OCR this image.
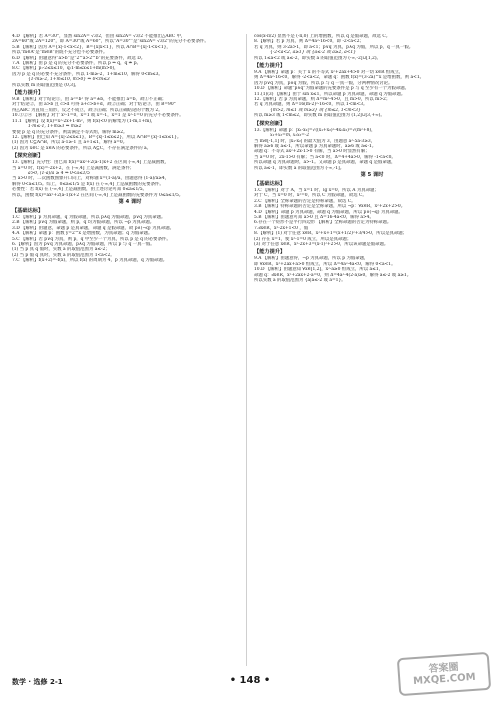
4.D 【解析】若 A=30°，显然 sin2A= √3/2，但由 sin2A= √3/2 不能推出△ABC 中，
2A=60°或 2A=120°，即 A=30°或 A=60°，所以“A=30°”是“sin2A= √3/2”的充分不必要条件。
5.B 【解析】因为 A={x|-1<x<2}，B={x|x<1}，所以 A∩B={x|-1<x<1}，
所以“m∈A”是“m∈B”的既不充分也不必要条件。
6.D 【解析】由题意得“a>b”是“2^a>2^b”的充要条件，故选 D。
7.A 【解析】由 p 是 q 的充分不必要条件，所以 p ⇒ q，q ⇏ p。
8.C 【解析】p:-2≤x≤10，q:1-m≤x≤1+m(m>0)，
因为 p 是 q 的必要不充分条件，所以 1-m≥-2，1+m≤10，解得 0<m≤3。
{1-m≥-2, 1+m≤10, m>0} ⇒ 0<m≤3
所以实数 m 的取值范围是 (0,3]。
【能力提升】
9.B 【解析】对于结论①，由 a²=b² 得 a=±b，不能推出 a=b，故①不正确；
对于结论②，由 a>b 且 c>d 可得 a+c>b+d，故②正确；对于结论③，由 B=90°
得△ABC 为直角三角形，反之不成立，故③正确；所以正确结论的个数为 2。
10.①②④ 【解析】对于 x²-1=0，x=1 或 x=-1，x=1 是 x²-1=0 的充分不必要条件。
11.1 【解析】设 f(x)=x²-2x+1-m²，则 f(x)<0 的解集为 (1-m,1+m)，
1-m≤-1, 1+m≥3 ⇒ m≥2
要使 p 是 q 的充分条件，则需满足不等式组，解得 m≥2。
12.【解析】由已知 A={x|-2≤x≤1}，B={x|-1≤x≤2}，所以 A∩B={x|-1≤x≤1}。
(1) 因为 C⊆A∩B，所以 a-1≥-1 且 a+1≤1，解得 a=0。
(2) 因为 x∈C 是 x∈A 的必要条件，所以 A⊆C，不存在满足条件的 a。
【探究创新】
13.【解析】充分性：由已知 f(x)=ax²+2(a-1)x+2 在区间 (-∞,4] 上是减函数，
当 a=0 时，f(x)=-2x+2，在 (-∞,4] 上是减函数，满足条件；
a>0, (1-a)/a ≥ 4 ⇒ 0<a≤1/5
当 a>0 时，二次函数图象开口向上，对称轴 x=(1-a)/a，由题意得 (1-a)/a≥4，
解得 0<a≤1/5。综上，0≤a≤1/5 是 f(x) 在 (-∞,4] 上是减函数的充要条件。
必要性：若 f(x) 在 (-∞,4] 上是减函数，由上述讨论可知 0≤a≤1/5。
所以，函数 f(x)=ax²+2(a-1)x+2 在区间 (-∞,4] 上是减函数的充要条件为 0≤a≤1/5。
第 4 课时
【基础达标】
1.C 【解析】p 为真命题，q 为假命题，所以 p∧q 为假命题，p∨q 为真命题。
2.B 【解析】p∨q 为假命题，则 p，q 均为假命题，所以 ¬p 为真命题。
3.D 【解析】由题意，命题 p 是真命题，命题 q 是假命题，故 p∧(¬q) 为真命题。
4.A 【解析】命题 p：函数 y=2^x 是增函数，为真命题；q 为假命题。
5.C 【解析】若 p∨q 为真，则 p，q 中至少一个为真，所以 p 是 q 的必要条件。
6.【解析】因为 p∨q 为真命题，p∧q 为假命题，所以 p 与 q 一真一假。
(1) 当 p 真 q 假时，实数 a 的取值范围为 a≤-2；
(2) 当 p 假 q 真时，实数 a 的取值范围为 1<a<2。
7.C 【解析】f(x+2)=-f(x)，所以 f(x) 的周期为 4，p 为真命题，q 为假命题。
cos(x-π/2) 显然不是 (-π,0) 上的增函数，所以 q 是假命题，故选 C。
8.【解析】若 p 为真，则 Δ=4a²-16<0，即 -2<a<2；
若 q 为真，则 3-2a>1，即 a<1；p∨q 为真，p∧q 为假，所以 p，q 一真一假。
{-2<a<2, a≥1} 或 {a≤-2 或 a≥2, a<1}
所以 1≤a<2 或 a≤-2，即实数 a 的取值范围为 (-∞,-2]∪[1,2)。
【能力提升】
9.A 【解析】命题 p：关于 x 的不等式 x²+2ax+4>0 对一切 x∈R 恒成立，
则 Δ=4a²-16<0，解得 -2<a<2，命题 q：函数 f(x)=(3-2a)^x 是增函数，则 a<1。
因为 p∨q 为真，p∧q 为假，所以 p 与 q 一真一假，分两种情况讨论。
10.D 【解析】命题“p∧q”为假命题的充要条件是 p 与 q 至少有一个为假命题。
11.(1)(3) 【解析】由于 sin x≤1，所以命题 p 为真命题，命题 q 为假命题。
12.【解析】若 p 为真命题，则 Δ=m²-4>0，且 m>0，所以 m>2；
若 q 为真命题，则 Δ=16(m-2)²-16<0，所以 1<m<3。
{m>2, m≤1 或 m≥3} 或 {m≤2, 1<m<3}
所以 m≥3 或 1<m≤2，即实数 m 的取值范围为 (1,2]∪[3,+∞)。
【探究创新】
13.【解析】命题 p：|x₁-x₂|=√((x₁+x₂)²-4x₁x₂)=√(m²+8)，
x₁+x₂=m, x₁x₂=-2
当 m∈[-1,1] 时，|x₁-x₂| 的最大值为 3，由题意 a²-5a-3≥3，
解得 a≥6 或 a≤-1，所以命题 p 为真命题时，a≥6 或 a≤-1。
命题 q：不等式 ax²+2x-1>0 有解，当 a>0 时显然有解；
当 a=0 时，2x-1>0 有解；当 a<0 时，Δ=4+4a>0，解得 -1<a<0。
所以命题 q 为真命题时，a>-1。又命题 p 是真命题，命题 q 是假命题，
所以 a≤-1，即实数 a 的取值范围为 (-∞,-1]。
第 5 课时
【基础达标】
1.C 【解析】对于 A，当 x=1 时，lg x=0，所以 A 为真命题；
对于 C，当 x=0 时，x²=0，所以 C 为假命题，故选 C。
2.C 【解析】全称命题的否定是特称命题，故选 C。
3.B 【解析】特称命题的否定是全称命题，所以 ¬p：∀x∈R，x²+2x+2>0。
4.D 【解析】命题 p 为真命题，命题 q 为假命题，所以 p∧(¬q) 为真命题。
5.B 【解析】由题意可知 a>0 且 Δ=16-4a<0，解得 a>4。
6.存在一个矩形不是平行四边形 【解析】全称命题的否定为特称命题。
7.∃x∈R，x²-2x+1<0 ，假
8.【解析】(1) 对于任意 x∈R，x²+x+1=(x+1/2)²+3/4>0，所以是真命题；
(2) 存在 x=1，使 x²-1=0 成立，所以是真命题；
(3) 对于任意 x∈R，x²-2x+3=(x-1)²+2>0，所以该命题是假命题。
【能力提升】
9.A 【解析】由题意得，¬p 为真命题，所以 p 为假命题，
即 ∀x∈R，x²+2ax+a>0 恒成立，所以 Δ=4a²-4a<0，解得 0<a<1。
10.D 【解析】由题意知 ∀x∈[1,2]，x²-a≥0 恒成立，所以 a≤1，
命题 q：∃x∈R，x²+2ax+2-a=0，则 Δ=4a²-4(2-a)≥0，解得 a≤-2 或 a≥1。
所以实数 a 的取值范围为 {a|a≤-2 或 a=1}。
数学 · 选修 2-1	• 148 •
答案圈
MXQE.COM
